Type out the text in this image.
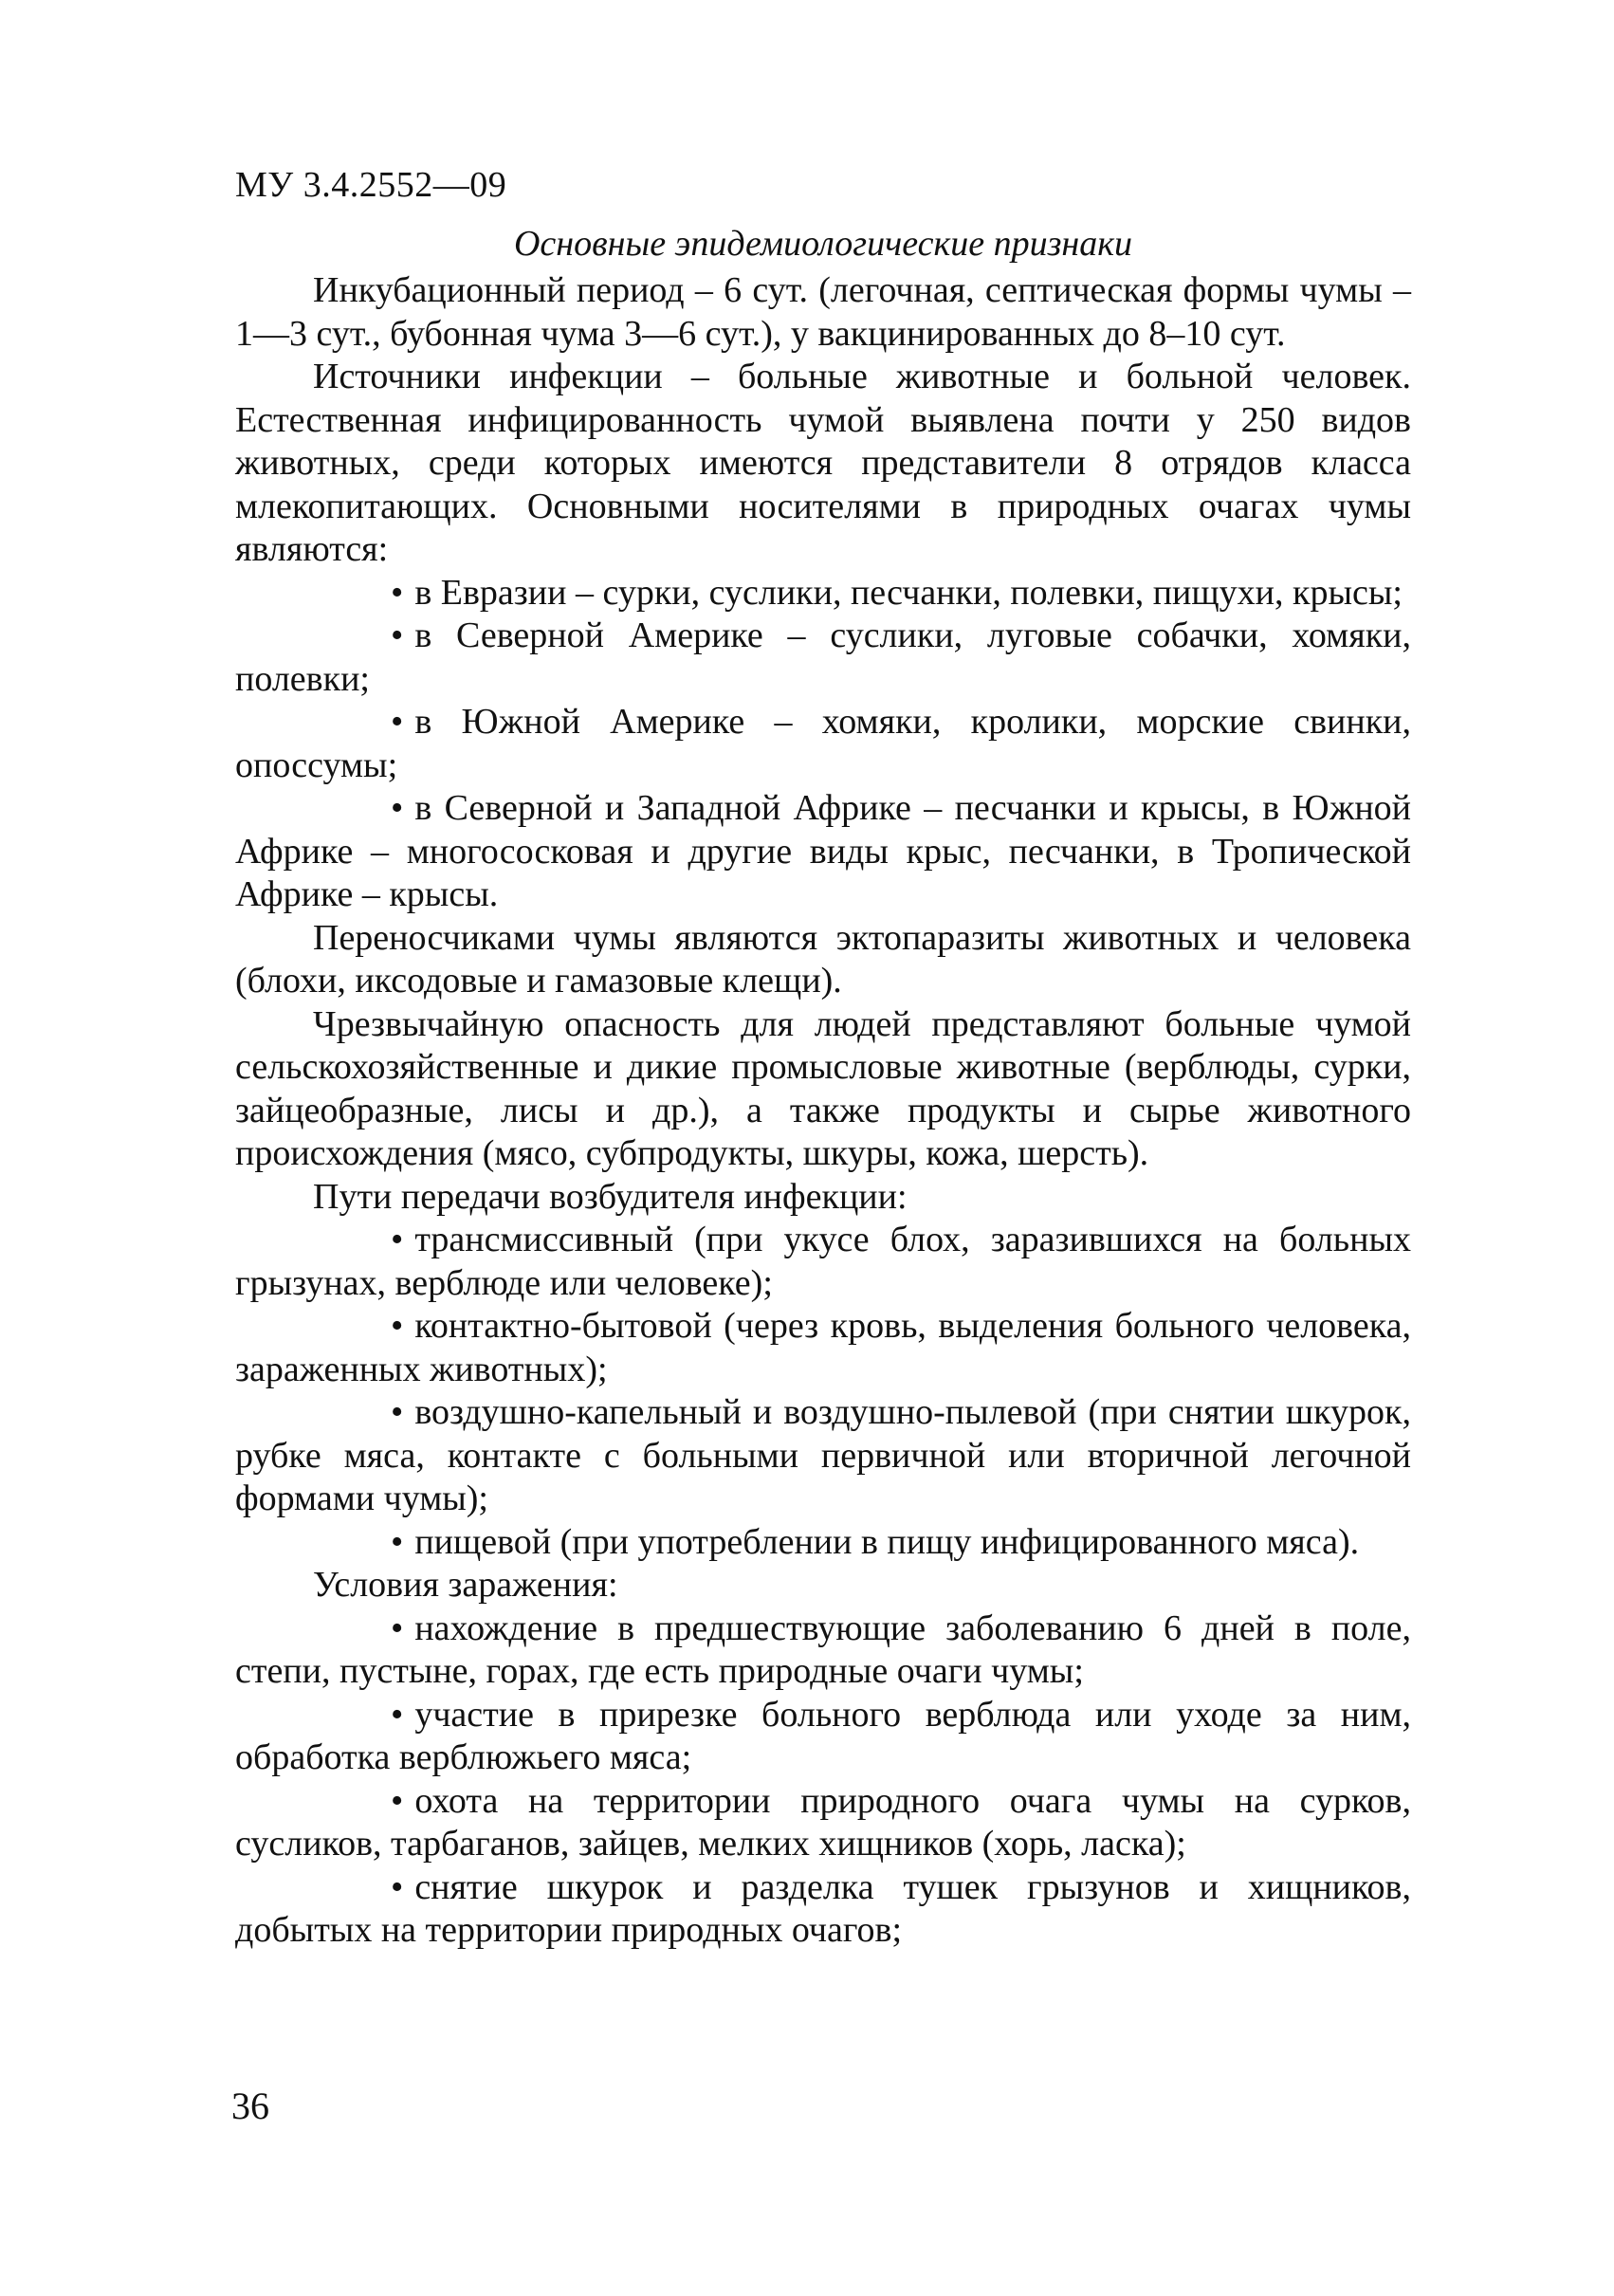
МУ 3.4.2552—09
Основные эпидемиологические признаки

Инкубационный период – 6 сут. (легочная, септическая формы чумы – 1—3 сут., бубонная чума 3—6 сут.), у вакцинированных до 8–10 сут.

Источники инфекции – больные животные и больной человек. Естественная инфицированность чумой выявлена почти у 250 видов животных, среди которых имеются представители 8 отрядов класса млекопитающих. Основными носителями в природных очагах чумы являются:

• в Евразии – сурки, суслики, песчанки, полевки, пищухи, крысы;

• в Северной Америке – суслики, луговые собачки, хомяки, полевки;

• в Южной Америке – хомяки, кролики, морские свинки, опоссумы;

• в Северной и Западной Африке – песчанки и крысы, в Южной Африке – многососковая и другие виды крыс, песчанки, в Тропической Африке – крысы.

Переносчиками чумы являются эктопаразиты животных и человека (блохи, иксодовые и гамазовые клещи).

Чрезвычайную опасность для людей представляют больные чумой сельскохозяйственные и дикие промысловые животные (верблюды, сурки, зайцеобразные, лисы и др.), а также продукты и сырье животного происхождения (мясо, субпродукты, шкуры, кожа, шерсть).

Пути передачи возбудителя инфекции:

• трансмиссивный (при укусе блох, заразившихся на больных грызунах, верблюде или человеке);

• контактно-бытовой (через кровь, выделения больного человека, зараженных животных);

• воздушно-капельный и воздушно-пылевой (при снятии шкурок, рубке мяса, контакте с больными первичной или вторичной легочной формами чумы);

• пищевой (при употреблении в пищу инфицированного мяса).

Условия заражения:

• нахождение в предшествующие заболеванию 6 дней в поле, степи, пустыне, горах, где есть природные очаги чумы;

• участие в прирезке больного верблюда или уходе за ним, обработка верблюжьего мяса;

• охота на территории природного очага чумы на сурков, сусликов, тарбаганов, зайцев, мелких хищников (хорь, ласка);

• снятие шкурок и разделка тушек грызунов и хищников, добытых на территории природных очагов;

36
